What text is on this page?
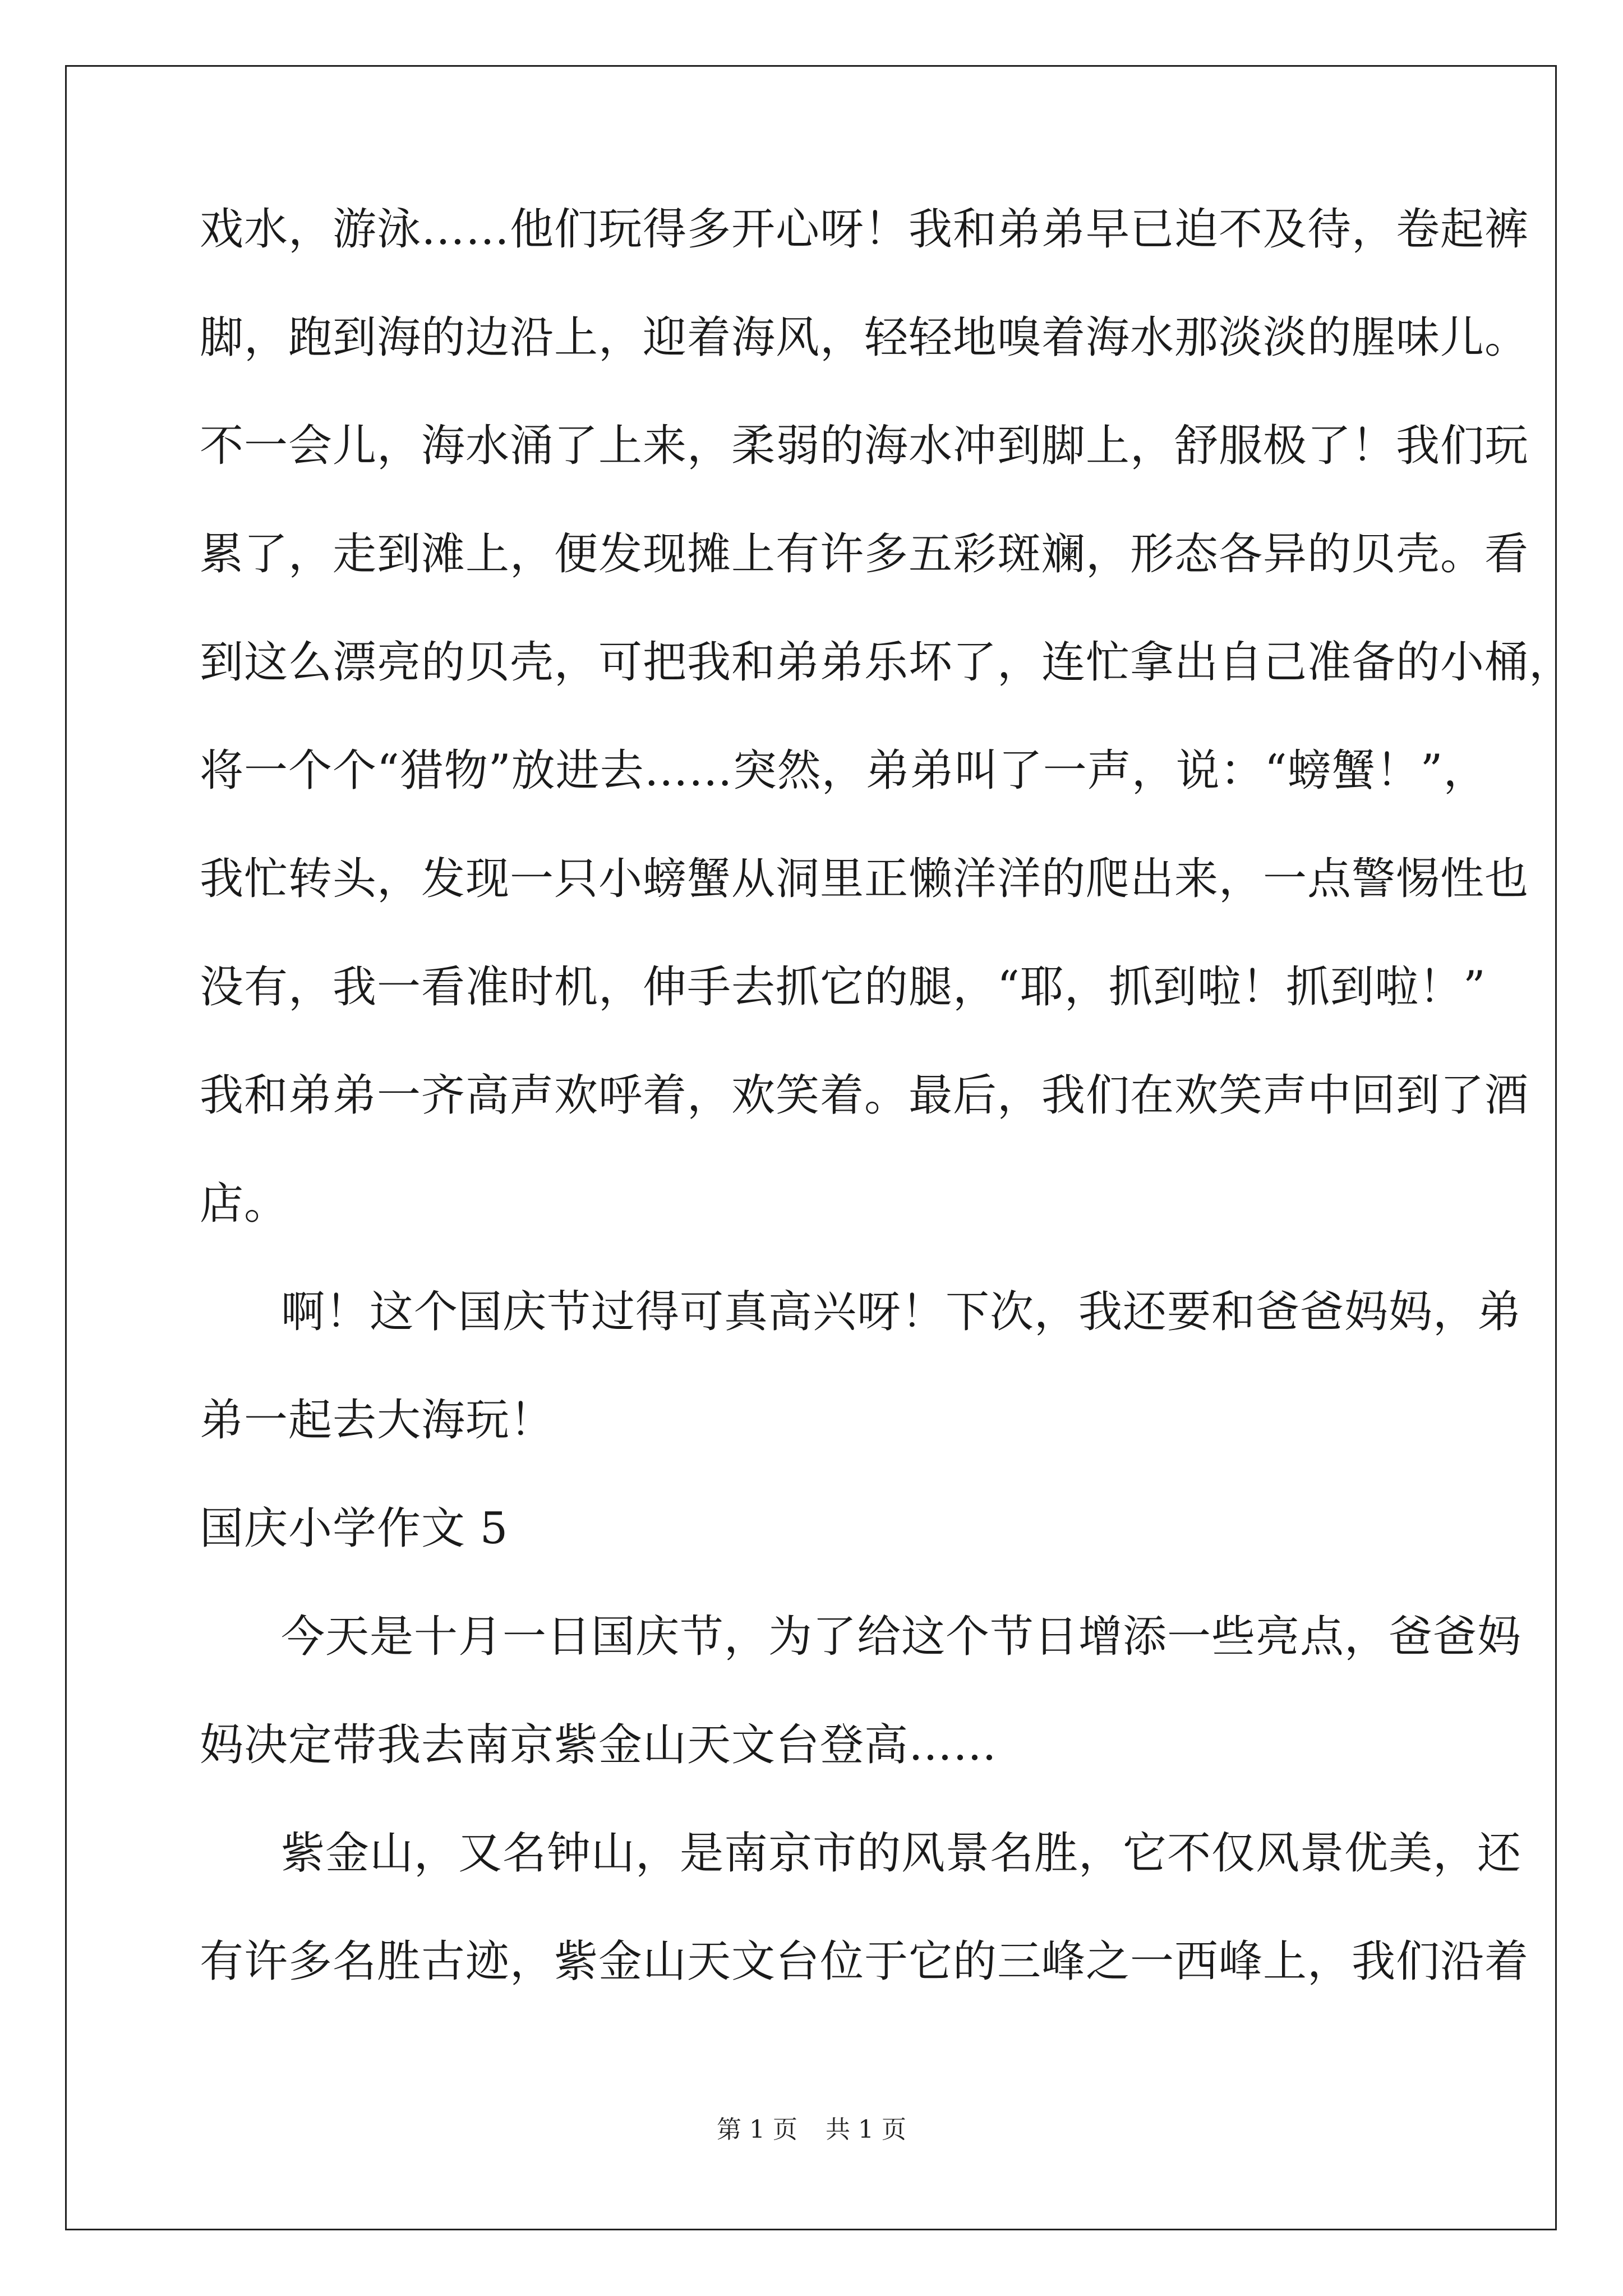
戏水，游泳……他们玩得多开心呀！我和弟弟早已迫不及待，卷起裤
脚，跑到海的边沿上，迎着海风，轻轻地嗅着海水那淡淡的腥味儿。
不一会儿，海水涌了上来，柔弱的海水冲到脚上，舒服极了！我们玩
累了，走到滩上，便发现摊上有许多五彩斑斓，形态各异的贝壳。看
到这么漂亮的贝壳，可把我和弟弟乐坏了，连忙拿出自己准备的小桶，
将一个个“猎物”放进去……突然，弟弟叫了一声，说：“螃蟹！”，
我忙转头，发现一只小螃蟹从洞里正懒洋洋的爬出来，一点警惕性也
没有，我一看准时机，伸手去抓它的腿，“耶，抓到啦！抓到啦！”
我和弟弟一齐高声欢呼着，欢笑着。最后，我们在欢笑声中回到了酒
店。
啊！这个国庆节过得可真高兴呀！下次，我还要和爸爸妈妈，弟
弟一起去大海玩！
国庆小学作文 5
今天是十月一日国庆节，为了给这个节日增添一些亮点，爸爸妈
妈决定带我去南京紫金山天文台登高……
紫金山，又名钟山，是南京市的风景名胜，它不仅风景优美，还
有许多名胜古迹，紫金山天文台位于它的三峰之一西峰上，我们沿着
第 1 页 共 1 页
